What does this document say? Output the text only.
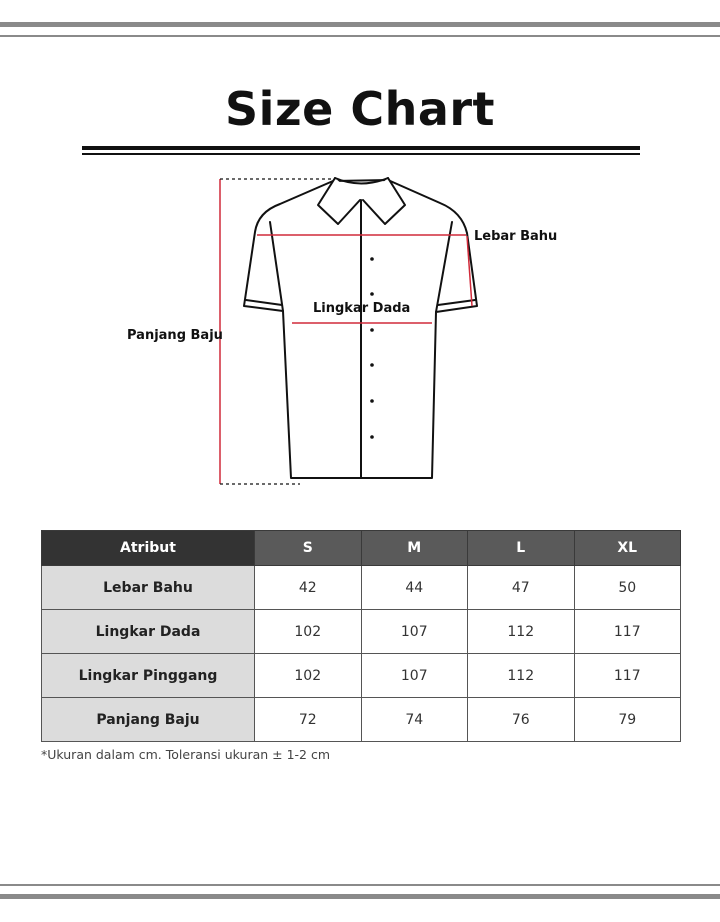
Size Chart
Lebar Bahu
Lingkar Dada
Panjang Baju
Atribut	S	M	L	XL
Lebar Bahu	42	44	47	50
Lingkar Dada	102	107	112	117
Lingkar Pinggang	102	107	112	117
Panjang Baju	72	74	76	79
*Ukuran dalam cm. Toleransi ukuran ± 1-2 cm
